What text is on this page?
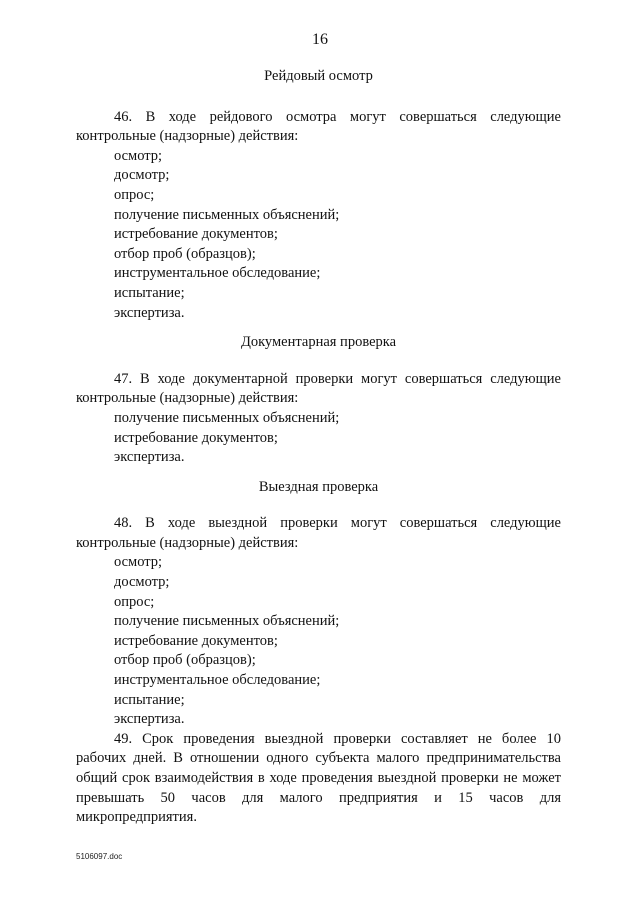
16

Рейдовый осмотр

46. В ходе рейдового осмотра могут совершаться следующие контрольные (надзорные) действия:

осмотр;

досмотр;

опрос;

получение письменных объяснений;

истребование документов;

отбор проб (образцов);

инструментальное обследование;

испытание;

экспертиза.

Документарная проверка

47. В ходе документарной проверки могут совершаться следующие контрольные (надзорные) действия:

получение письменных объяснений;

истребование документов;

экспертиза.

Выездная проверка

48. В ходе выездной проверки могут совершаться следующие контрольные (надзорные) действия:

осмотр;

досмотр;

опрос;

получение письменных объяснений;

истребование документов;

отбор проб (образцов);

инструментальное обследование;

испытание;

экспертиза.

49. Срок проведения выездной проверки составляет не более 10 рабочих дней. В отношении одного субъекта малого предпринимательства общий срок взаимодействия в ходе проведения выездной проверки не может превышать 50 часов для малого предприятия и 15 часов для микропредприятия.

5106097.doc
